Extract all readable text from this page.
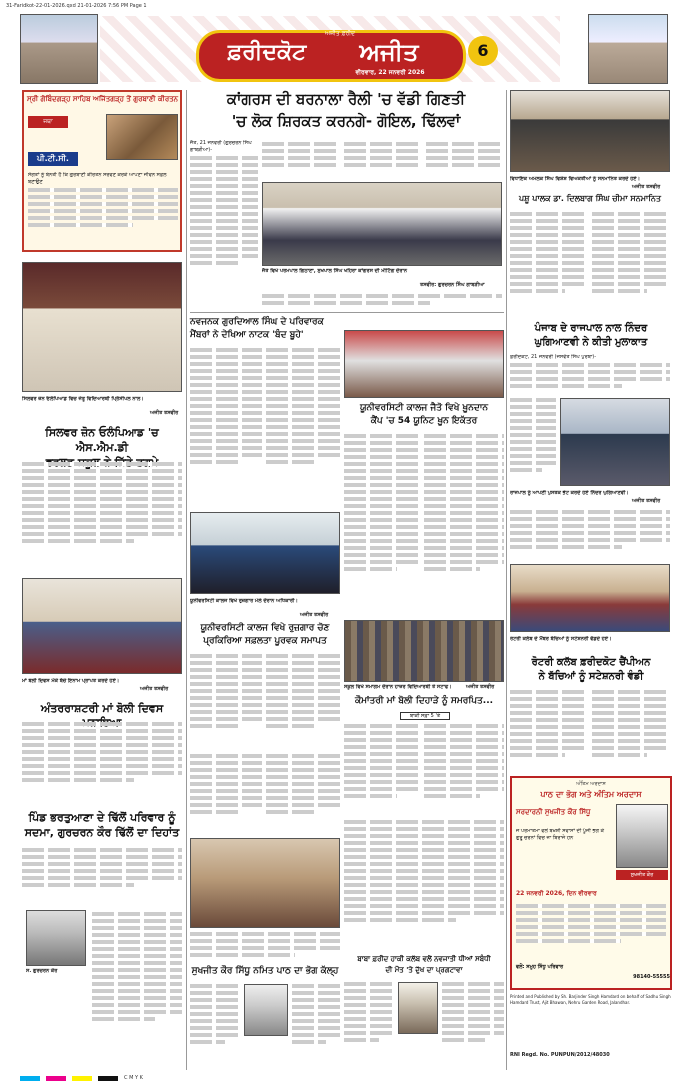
31-Faridkot-22-01-2026.qxd 21-01-2026 7:56 PM Page 1
ਅਜੀਤ ਫ਼ਰੀਦ
ਫ਼ਰੀਦਕੋਟ	ਅਜੀਤ
ਵੀਰਵਾਰ, 22 ਜਨਵਰੀ 2026
6
ਸ੍ਰੀ ਗੋਬਿੰਦਗੜ੍ਹ ਸਾਹਿਬ ਅਜਿੱਤਗੜ੍ਹ ਤੋਂ ਗੁਰਬਾਣੀ ਕੀਰਤਨ
ਜਥਾ
ਪੀ.ਟੀ.ਸੀ.
ਸੰਗਤਾਂ ਨੂੰ ਬੇਨਤੀ ਹੈ ਕਿ ਗੁਰਬਾਣੀ ਕੀਰਤਨ ਸਰਵਣ ਕਰਕੇ ਆਪਣਾ ਜੀਵਨ ਸਫ਼ਲ ਬਣਾਉਣ
ਸਿਲਵਰ ਜ਼ੋਨ ਓਲੰਪਿਆਡ ਵਿਚ ਜੇਤੂ ਵਿਦਿਆਰਥੀ ਪ੍ਰਿੰਸੀਪਲ ਨਾਲ।
ਅਜੀਤ ਤਸਵੀਰ
ਸਿਲਵਰ ਜ਼ੋਨ ਓਲੰਪਿਆਡ 'ਚ ਐਸ.ਐਮ.ਡੀ
ਮਾਂ ਬੋਲੀ ਦਿਵਸ ਮੌਕੇ ਬੱਚੇ ਇਨਾਮ ਪ੍ਰਾਪਤ ਕਰਦੇ ਹੋਏ।
ਅਜੀਤ ਤਸਵੀਰ
ਅੰਤਰਰਾਸ਼ਟਰੀ ਮਾਂ ਬੋਲੀ ਦਿਵਸ
ਪਿੰਡ ਭਰਤੁਆਣਾ ਦੇ ਢਿੱਲੋਂ ਪਰਿਵਾਰ ਨੂੰ
ਸਦਮਾ, ਗੁਰਚਰਨ ਕੌਰ ਢਿੱਲੋਂ ਦਾ ਦਿਹਾਂਤ
ਸ. ਗੁਰਚਰਨ ਕੌਰ
ਕਾਂਗਰਸ ਦੀ ਬਰਨਾਲਾ ਰੈਲੀ 'ਚ ਵੱਡੀ ਗਿਣਤੀ
'ਚ ਲੋਕ ਸ਼ਿਰਕਤ ਕਰਨਗੇ- ਗੋਇਲ, ਢਿੱਲਵਾਂ
ਜੈਤੋ, 21 ਜਨਵਰੀ (ਗੁਰਚਰਨ ਸਿੰਘ ਗਾਬੜੀਆ)-
ਜੈਤੋ ਵਿਖੇ ਪਰਮਪਾਲ ਗਿਠਾਣਾ, ਸੁਖਪਾਲ ਸਿੰਘ ਖਹਿਰਾ ਕਾਂਗਰਸ ਦੀ ਮੀਟਿੰਗ ਦੌਰਾਨ
ਤਸਵੀਰ: ਗੁਰਚਰਨ ਸਿੰਘ ਗਾਬੜੀਆ
ਨਵਜਨਕ ਗੁਰਦਿਆਲ ਸਿੰਘ ਦੇ ਪਰਿਵਾਰਕ
ਮੈਂਬਰਾਂ ਨੇ ਦੇਖਿਆ ਨਾਟਕ 'ਬੰਦ ਬੂਹੇ'
ਯੂਨੀਵਰਸਿਟੀ ਕਾਲਜ ਜੈਤੋ ਵਿਖੇ ਖ਼ੂਨਦਾਨ
ਕੈਂਪ 'ਚ 54 ਯੂਨਿਟ ਖ਼ੂਨ ਇਕੱਤਰ
ਯੂਨੀਵਰਸਿਟੀ ਕਾਲਜ ਵਿਖੇ ਰੁਜ਼ਗਾਰ ਮੇਲੇ ਦੌਰਾਨ ਅਧਿਕਾਰੀ।
ਅਜੀਤ ਤਸਵੀਰ
ਯੂਨੀਵਰਸਿਟੀ ਕਾਲਜ ਵਿਖੇ ਰੁਜ਼ਗਾਰ ਚੋਣ
ਪ੍ਰਕਿਰਿਆ ਸਫ਼ਲਤਾ ਪੂਰਵਕ ਸਮਾਪਤ
ਸਕੂਲ ਵਿਖੇ ਸਮਾਗਮ ਦੌਰਾਨ ਹਾਜ਼ਰ ਵਿਦਿਆਰਥੀ ਤੇ ਸਟਾਫ।	ਅਜੀਤ ਤਸਵੀਰ
ਕੌਮਾਂਤਰੀ ਮਾਂ ਬੋਲੀ ਦਿਹਾੜੇ ਨੂੰ ਸਮਰਪਿਤ...
ਬਾਕੀ ਸਫ਼ਾ 5 'ਤੇ
ਸੁਖਜੀਤ ਕੌਰ ਸਿੱਧੂ ਨਮਿਤ ਪਾਠ ਦਾ ਭੋਗ ਕੱਲ੍ਹ
ਬਾਬਾ ਫ਼ਰੀਦ ਹਾਕੀ ਕਲੱਬ ਵਲੋਂ ਨਵਜਾਤੀ ਧੀਆਂ ਸਬੰਧੀ
ਦੀ ਮੌਤ 'ਤੇ ਦੁੱਖ ਦਾ ਪ੍ਰਗਟਾਵਾ
ਵਿਧਾਇਕ ਅਮੋਲਕ ਸਿੰਘ ਵਿਸ਼ੇਸ਼ ਵਿਅਕਤੀਆਂ ਨੂੰ ਸਨਮਾਨਿਤ ਕਰਦੇ ਹੋਏ।
ਅਜੀਤ ਤਸਵੀਰ
ਪਸ਼ੂ ਪਾਲਕ ਡਾ. ਦਿਲਬਾਗ ਸਿੰਘ ਚੀਮਾ ਸਨਮਾਨਿਤ
ਪੰਜਾਬ ਦੇ ਰਾਜਪਾਲ ਨਾਲ ਨਿੰਦਰ
ਘੁਗਿਆਣਵੀ ਨੇ ਕੀਤੀ ਮੁਲਾਕਾਤ
ਫ਼ਰੀਦਕੋਟ, 21 ਜਨਵਰੀ (ਜਸਵੰਤ ਸਿੰਘ ਪੁਰਬਾ)-
ਰਾਜਪਾਲ ਨੂੰ ਆਪਣੀ ਪੁਸਤਕ ਭੇਟ ਕਰਦੇ ਹੋਏ ਨਿੰਦਰ ਘੁਗਿਆਣਵੀ।
ਅਜੀਤ ਤਸਵੀਰ
ਰੋਟਰੀ ਕਲੱਬ ਦੇ ਮੈਂਬਰ ਬੱਚਿਆਂ ਨੂੰ ਸਟੇਸ਼ਨਰੀ ਵੰਡਦੇ ਹੋਏ।
ਰੋਟਰੀ ਕਲੱਬ ਫ਼ਰੀਦਕੋਟ ਚੈਂਪੀਅਨ
ਨੇ ਬੱਚਿਆਂ ਨੂੰ ਸਟੇਸ਼ਨਰੀ ਵੰਡੀ
ਅੰਤਿਮ ਅਰਦਾਸ
ਪਾਠ ਦਾ ਭੋਗ ਅਤੇ ਅੰਤਿਮ ਅਰਦਾਸ
ਸਰਦਾਰਨੀ ਸੁਖਜੀਤ ਕੌਰ ਸਿੱਧੂ
ਸੁਖਜੀਤ ਕੌਰ
ਜੋ ਪਰਮਾਤਮਾ ਵਲੋਂ ਬਖ਼ਸ਼ੀ ਸਵਾਸਾਂ ਦੀ ਪੂੰਜੀ ਭੋਗ ਕੇ ਗੁਰੂ ਚਰਨਾਂ ਵਿਚ ਜਾ ਬਿਰਾਜੇ ਹਨ
22 ਜਨਵਰੀ 2026, ਦਿਨ ਵੀਰਵਾਰ
ਵਲੋਂ: ਸਮੂਹ ਸਿੱਧੂ ਪਰਿਵਾਰ
98140-55555
Printed and Published by Sh. Barjinder Singh Hamdard on behalf of Sadhu Singh Hamdard Trust, Ajit Bhawan, Nehru Garden Road, Jalandhar.
RNI Regd. No. PUNPUN/2012/48030
C M Y K
